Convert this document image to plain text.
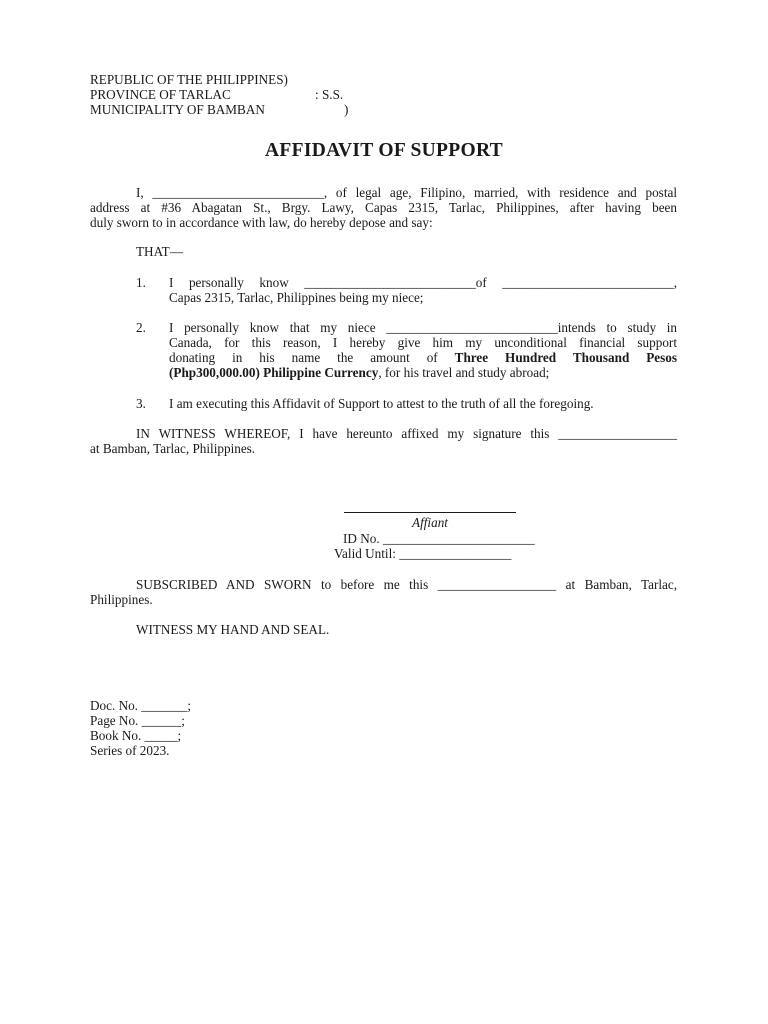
REPUBLIC OF THE PHILIPPINES)
PROVINCE OF TARLAC	: S.S.
MUNICIPALITY OF BAMBAN	)
AFFIDAVIT OF SUPPORT
I, __________________________, of legal age, Filipino, married, with residence and postal
address at #36 Abagatan St., Brgy. Lawy, Capas 2315, Tarlac, Philippines, after having been
duly sworn to in accordance with law, do hereby depose and say:
THAT—
1. I personally know __________________________of __________________________,
Capas 2315, Tarlac, Philippines being my niece;
2. I personally know that my niece __________________________intends to study in
Canada, for this reason, I hereby give him my unconditional financial support
donating in his name the amount of Three Hundred Thousand Pesos
(Php300,000.00) Philippine Currency, for his travel and study abroad;
3. I am executing this Affidavit of Support to attest to the truth of all the foregoing.
IN WITNESS WHEREOF, I have hereunto affixed my signature this __________________
at Bamban, Tarlac, Philippines.
Affiant
ID No. _______________________
Valid Until: _________________
SUBSCRIBED AND SWORN to before me this __________________ at Bamban, Tarlac,
Philippines.
WITNESS MY HAND AND SEAL.
Doc. No. _______;
Page No. ______;
Book No. _____;
Series of 2023.
